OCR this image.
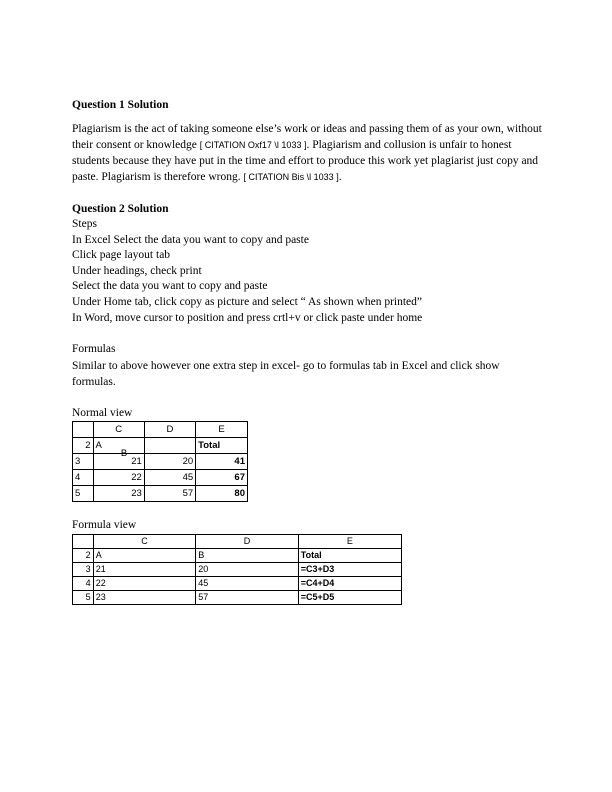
Question 1 Solution

Plagiarism is the act of taking someone else’s work or ideas and passing them of as your own, without their consent or knowledge [ CITATION Oxf17 \l 1033 ]. Plagiarism and collusion is unfair to honest students because they have put in the time and effort to produce this work yet plagiarist just copy and paste. Plagiarism is therefore wrong. [ CITATION Bis \l 1033 ].

Question 2 Solution

Steps

In Excel Select the data you want to copy and paste

Click page layout tab

Under headings, check print

Select the data you want to copy and paste

Under Home tab, click copy as picture and select “ As shown when printed”

In Word, move cursor to position and press crtl+v or click paste under home

Formulas

Similar to above however one extra step in excel- go to formulas tab in Excel and click show formulas.

Normal view

	C	D	E
2	A	B	Total
3	21	20	41
4	22	45	67
5	23	57	80

Formula view

	C	D	E
2	A	B	Total
3	21	20	=C3+D3
4	22	45	=C4+D4
5	23	57	=C5+D5
